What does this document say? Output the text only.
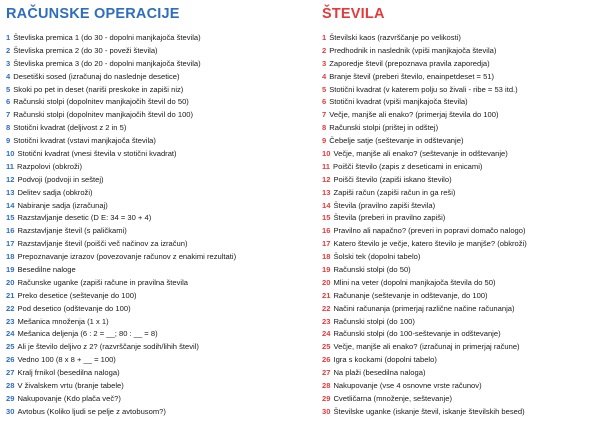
RAČUNSKE OPERACIJE
1 Števliska premica 1 (do 30 - dopolni manjkajoča števila)
2 Števliska premica 2 (do 30 - poveži števila)
3 Števliska premica 3 (do 20 - dopolni manjkajoča števila)
4 Desetiški sosed (izračunaj do naslednje desetice)
5 Skoki po pet in deset (nariši preskoke in zapiši niz)
6 Računski stolpi (dopolnitev manjkajočih števil do 50)
7 Računski stolpi (dopolnitev manjkajočih števil do 100)
8 Stotični kvadrat (deljivost z 2 in 5)
9 Stotični kvadrat (vstavi manjkajoča števila)
10 Stotični kvadrat (vnesi števila v stotični kvadrat)
11 Razpolovi (obkroži)
12 Podvoji (podvoji in seštej)
13 Delitev sadja (obkroži)
14 Nabiranje sadja (izračunaj)
15 Razstavljanje desetic (D E: 34 = 30 + 4)
16 Razstavljanje števil (s paličkami)
17 Razstavljanje števil (poišči več načinov za izračun)
18 Prepoznavanje izrazov (povezovanje računov z enakimi rezultati)
19 Besedilne naloge
20 Računske uganke (zapiši račune in pravilna števila
21 Preko desetice (seštevanje do 100)
22 Pod desetico (odštevanje do 100)
23 Mešanica množenja (1 x 1)
24 Mešanica deljenja (6 : 2 = __; 80 : __ = 8)
25 Ali je število deljivo z 2? (razvrščanje sodih/lihih števil)
26 Vedno 100 (8 x 8 + __ = 100)
27 Kralj frnikol (besedilna naloga)
28 V živalskem vrtu (branje tabele)
29 Nakupovanje (Kdo plača več?)
30 Avtobus (Koliko ljudi se pelje z avtobusom?)
ŠTEVILA
1 Številski kaos (razvrščanje po velikosti)
2 Predhodnik in naslednik (vpiši manjkajoča števila)
3 Zaporedje števil (prepoznava pravila zaporedja)
4 Branje števil (preberi število, enainpetdeset = 51)
5 Stotični kvadrat (v katerem polju so živali - ribe = 53 itd.)
6 Stotični kvadrat (vpiši manjkajoča števila)
7 Večje, manjše ali enako? (primerjaj števila do 100)
8 Računski stolpi (prištej in odštej)
9 Čebelje satje (seštevanje in odštevanje)
10 Večje, manjše ali enako? (seštevanje in odštevanje)
11 Poišči število (zapis z deseticami in enicami)
12 Poišči število (zapiši iskano število)
13 Zapiši račun (zapiši račun in ga reši)
14 Števila (pravilno zapiši števila)
15 Števila (preberi in pravilno zapiši)
16 Pravilno ali napačno? (preveri in popravi domačo nalogo)
17 Katero število je večje, katero število je manjše? (obkroži)
18 Šolski tek (dopolni tabelo)
19 Računski stolpi (do 50)
20 Mlini na veter (dopolni manjkajoča števila do 50)
21 Računanje (seštevanje in odštevanje, do 100)
22 Načini računanja (primerjaj različne načine računanja)
23 Računski stolpi (do 100)
24 Računski stolpi (do 100-seštevanje in odštevanje)
25 Večje, manjše ali enako? (izračunaj in primerjaj račune)
26 Igra s kockami (dopolni tabelo)
27 Na plaži (besedilna naloga)
28 Nakupovanje (vse 4 osnovne vrste računov)
29 Cvetličarna (množenje, seštevanje)
30 Številske uganke (iskanje števil, iskanje številskih besed)
